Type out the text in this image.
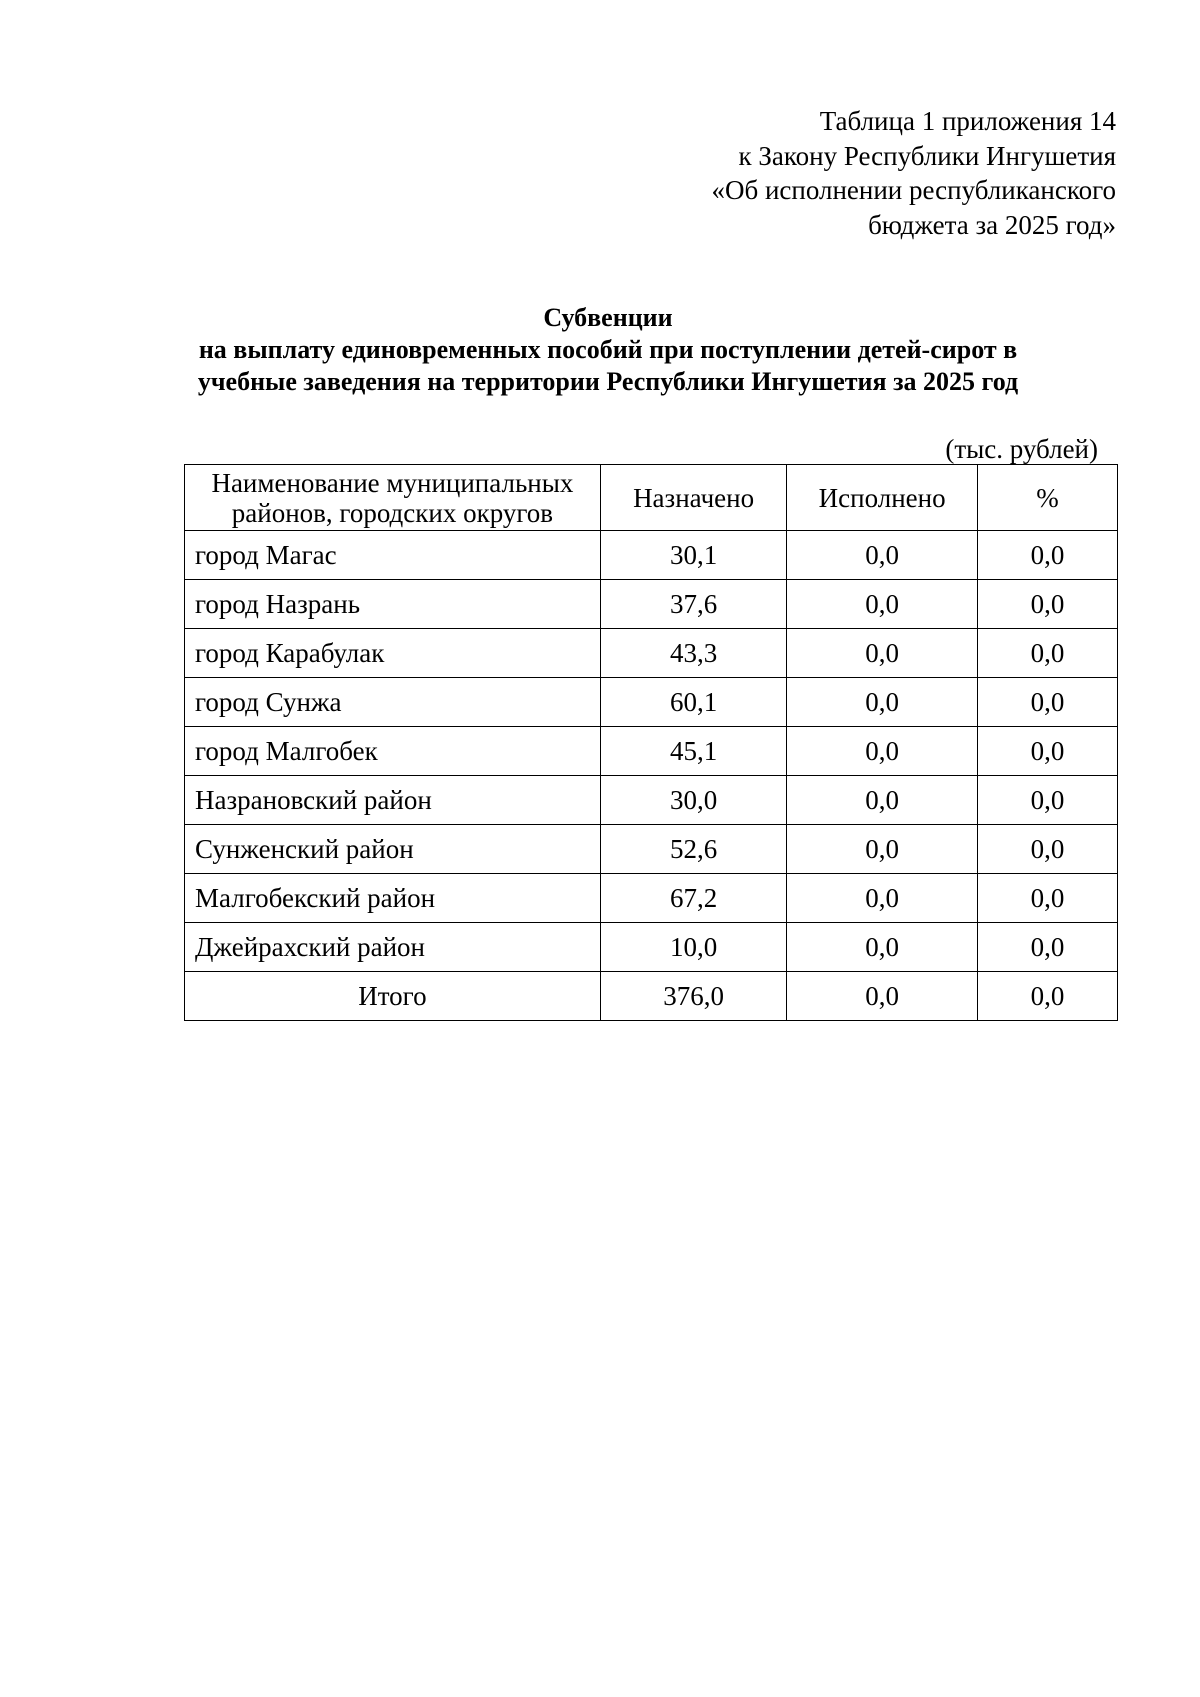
Таблица 1 приложения 14
к Закону Республики Ингушетия
«Об исполнении республиканского
бюджета за 2025 год»
Субвенции
на выплату единовременных пособий при поступлении детей-сирот в
учебные заведения на территории Республики Ингушетия за 2025 год
(тыс. рублей)
Наименование муниципальных районов, городских округов	Назначено	Исполнено	%
город Магас	30,1	0,0	0,0
город Назрань	37,6	0,0	0,0
город Карабулак	43,3	0,0	0,0
город Сунжа	60,1	0,0	0,0
город Малгобек	45,1	0,0	0,0
Назрановский район	30,0	0,0	0,0
Сунженский район	52,6	0,0	0,0
Малгобекский район	67,2	0,0	0,0
Джейрахский район	10,0	0,0	0,0
Итого	376,0	0,0	0,0
